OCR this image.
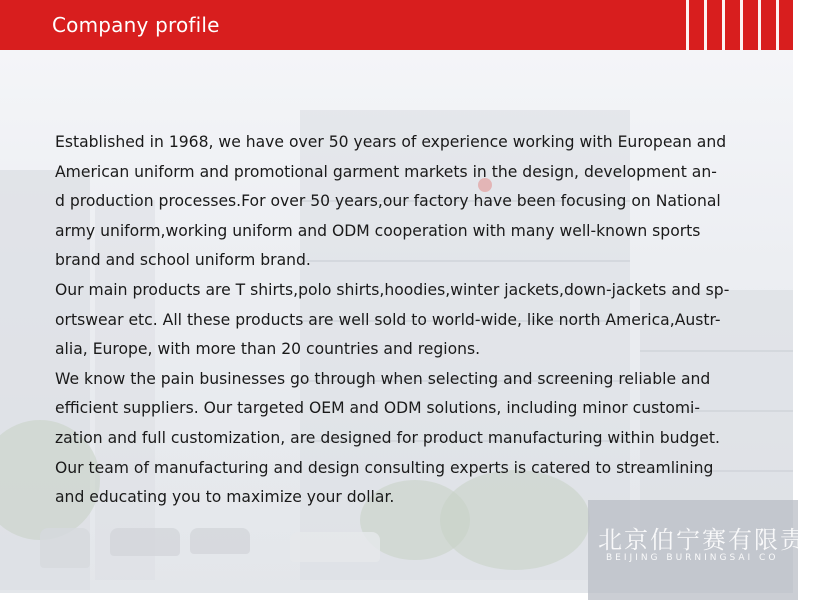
北京伯宁赛有限责任
BEIJING BURNINGSAI CO
Company profile

Established in 1968, we have over 50 years of experience working with European and

American uniform and promotional garment markets in the design, development an-

d production processes.For over 50 years,our factory have been focusing on National

army uniform,working uniform and ODM cooperation with many well-known sports

brand and school uniform brand.

Our main products are T shirts,polo shirts,hoodies,winter jackets,down-jackets and sp-

ortswear etc. All these products are well sold to world-wide, like north America,Austr-

alia, Europe, with more than 20 countries and regions.

We know the pain businesses go through when selecting and screening reliable and

efficient suppliers. Our targeted OEM and ODM solutions, including minor customi-

zation and full customization, are designed for product manufacturing within budget.

Our team of manufacturing and design consulting experts is catered to streamlining

and educating you to maximize your dollar.
